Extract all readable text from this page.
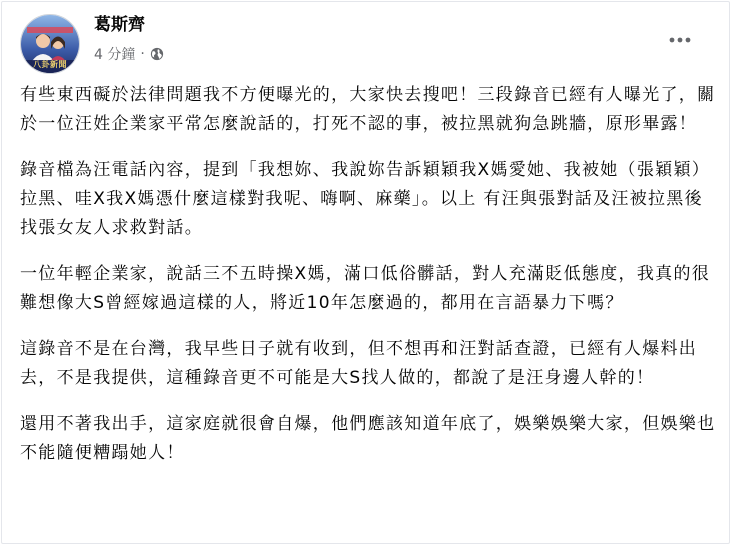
八卦新聞
葛斯齊
4 分鐘 ·

有些東西礙於法律問題我不方便曝光的，大家快去搜吧！三段錄音已經有人曝光了，關於一位汪姓企業家平常怎麼說話的，打死不認的事，被拉黑就狗急跳牆，原形畢露！

錄音檔為汪電話內容，提到「我想妳、我說妳告訴穎穎我X媽愛她、我被她（張穎穎）拉黑、哇X我X媽憑什麼這樣對我呢、嗨啊、麻藥」。以上 有汪與張對話及汪被拉黑後找張女友人求救對話。

一位年輕企業家，說話三不五時操X媽，滿口低俗髒話，對人充滿貶低態度，我真的很難想像大S曾經嫁過這樣的人，將近10年怎麼過的，都用在言語暴力下嗎？

這錄音不是在台灣，我早些日子就有收到，但不想再和汪對話查證，已經有人爆料出去，不是我提供，這種錄音更不可能是大S找人做的，都說了是汪身邊人幹的！

還用不著我出手，這家庭就很會自爆，他們應該知道年底了，娛樂娛樂大家，但娛樂也不能隨便糟蹋她人！
